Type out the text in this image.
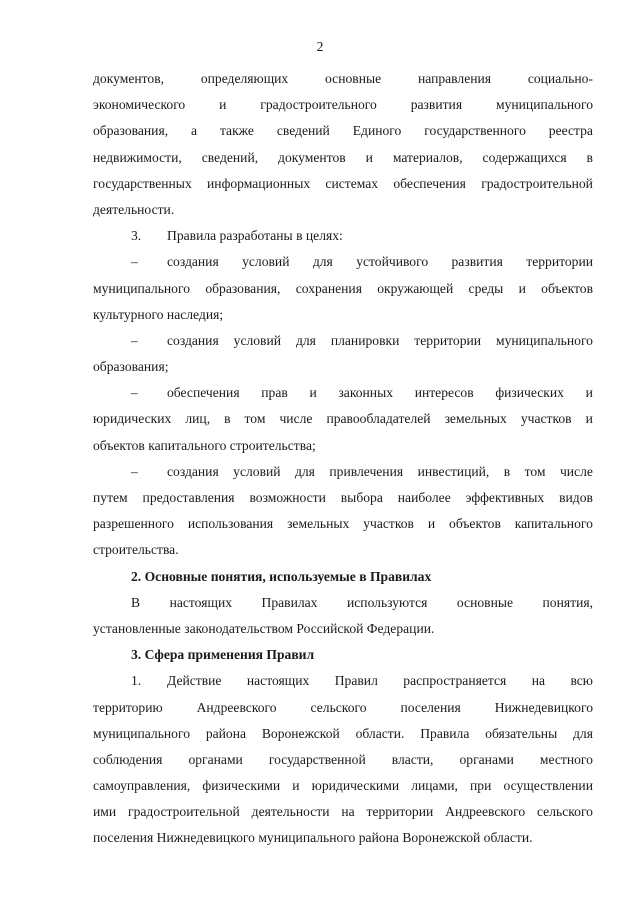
2
документов,	определяющих	основные	направления	социально-
экономического и градостроительного развития муниципального
образования, а также сведений Единого государственного реестра
недвижимости, сведений, документов и материалов, содержащихся в
государственных информационных системах обеспечения градостроительной
деятельности.
3. Правила разработаны в целях:
– создания условий для устойчивого развития территории
муниципального образования, сохранения окружающей среды и объектов
культурного наследия;
– создания условий для планировки территории муниципального
образования;
– обеспечения прав и законных интересов физических и
юридических лиц, в том числе правообладателей земельных участков и
объектов капитального строительства;
– создания условий для привлечения инвестиций, в том числе
путем предоставления возможности выбора наиболее эффективных видов
разрешенного использования земельных участков и объектов капитального
строительства.
2. Основные понятия, используемые в Правилах
В настоящих Правилах используются основные понятия,
установленные законодательством Российской Федерации.
3. Сфера применения Правил
1. Действие настоящих Правил распространяется на всю
территорию Андреевского сельского поселения Нижнедевицкого
муниципального района Воронежской области. Правила обязательны для
соблюдения органами государственной власти, органами местного
самоуправления, физическими и юридическими лицами, при осуществлении
ими градостроительной деятельности на территории Андреевского сельского
поселения Нижнедевицкого муниципального района Воронежской области.
